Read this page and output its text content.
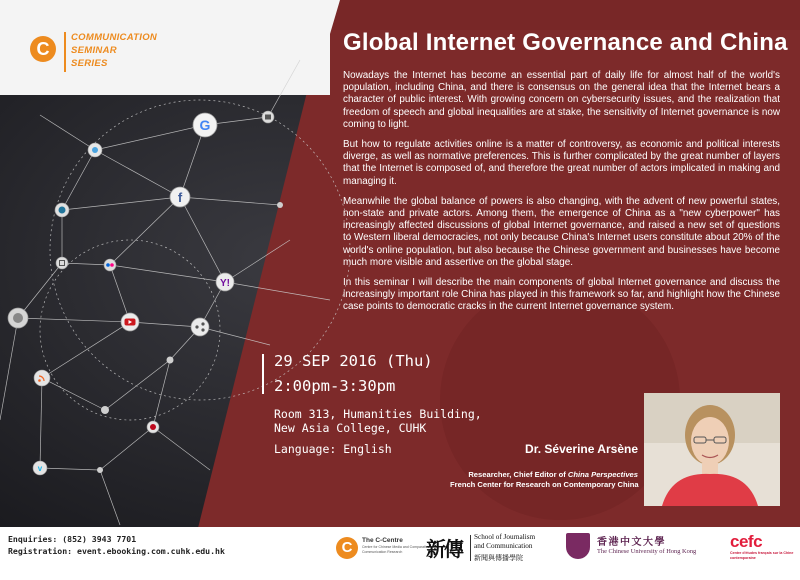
G
f
Y!
v
C
COMMUNICATION
SEMINAR
SERIES
Global Internet Governance and China

Nowadays the Internet has become an essential part of daily life for almost half of the world's population, including China, and there is consensus on the general idea that the Internet bears a character of public interest. With growing concern on cybersecurity issues, and the realization that freedom of speech and global inequalities are at stake, the sensitivity of Internet governance is now coming to light.

But how to regulate activities online is a matter of controversy, as economic and political interests diverge, as well as normative preferences. This is further complicated by the great number of layers that the Internet is composed of, and therefore the great number of actors implicated in making and managing it.

Meanwhile the global balance of powers is also changing, with the advent of new powerful states, non-state and private actors. Among them, the emergence of China as a "new cyberpower" has increasingly affected discussions of global Internet governance, and raised a new set of questions to Western liberal democracies, not only because China's Internet users constitute about 20% of the world's online population, but also because the Chinese government and businesses have become much more visible and assertive on the global stage.

In this seminar I will describe the main components of global Internet governance and discuss the increasingly important role China has played in this framework so far, and highlight how the Chinese case points to democratic cracks in the current Internet governance system.

29 SEP 2016 (Thu)
2:00pm-3:30pm
Room 313, Humanities Building,
New Asia College, CUHK
Language: English	Dr. Séverine Arsène
Researcher, Chief Editor of China Perspectives
French Center for Research on Contemporary China
Enquiries: (852) 3943 7701
Registration: event.ebooking.com.cuhk.edu.hk	C	The C-Centre
Centre for Chinese Media and Comparative Communication Research	新傳 School of Journalism
and Communication
新聞與傳播學院
香港中文大學
The Chinese University of Hong Kong
cefc
Centre d'études français sur la Chine contemporaine
